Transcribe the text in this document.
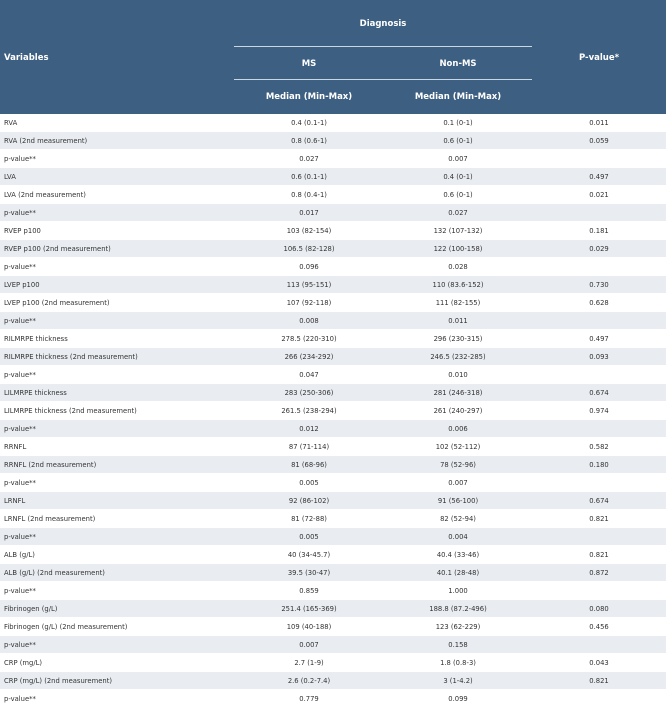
Variables
Diagnosis
MS	Non-MS
Median (Min-Max)	Median (Min-Max)
P-value*
RVA	0.4 (0.1-1)	0.1 (0-1)	0.011
RVA (2nd measurement)	0.8 (0.6-1)	0.6 (0-1)	0.059
p-value**	0.027	0.007
LVA	0.6 (0.1-1)	0.4 (0-1)	0.497
LVA (2nd measurement)	0.8 (0.4-1)	0.6 (0-1)	0.021
p-value**	0.017	0.027
RVEP p100	103 (82-154)	132 (107-132)	0.181
RVEP p100 (2nd measurement)	106.5 (82-128)	122 (100-158)	0.029
p-value**	0.096	0.028
LVEP p100	113 (95-151)	110 (83.6-152)	0.730
LVEP p100 (2nd measurement)	107 (92-118)	111 (82-155)	0.628
p-value**	0.008	0.011
RILMRPE thickness	278.5 (220-310)	296 (230-315)	0.497
RILMRPE thickness (2nd measurement)	266 (234-292)	246.5 (232-285)	0.093
p-value**	0.047	0.010
LILMRPE thickness	283 (250-306)	281 (246-318)	0.674
LILMRPE thickness (2nd measurement)	261.5 (238-294)	261 (240-297)	0.974
p-value**	0.012	0.006
RRNFL	87 (71-114)	102 (52-112)	0.582
RRNFL (2nd measurement)	81 (68-96)	78 (52-96)	0.180
p-value**	0.005	0.007
LRNFL	92 (86-102)	91 (56-100)	0.674
LRNFL (2nd measurement)	81 (72-88)	82 (52-94)	0.821
p-value**	0.005	0.004
ALB (g/L)	40 (34-45.7)	40.4 (33-46)	0.821
ALB (g/L) (2nd measurement)	39.5 (30-47)	40.1 (28-48)	0.872
p-value**	0.859	1.000
Fibrinogen (g/L)	251.4 (165-369)	188.8 (87.2-496)	0.080
Fibrinogen (g/L) (2nd measurement)	109 (40-188)	123 (62-229)	0.456
p-value**	0.007	0.158
CRP (mg/L)	2.7 (1-9)	1.8 (0.8-3)	0.043
CRP (mg/L) (2nd measurement)	2.6 (0.2-7.4)	3 (1-4.2)	0.821
p-value**	0.779	0.099
